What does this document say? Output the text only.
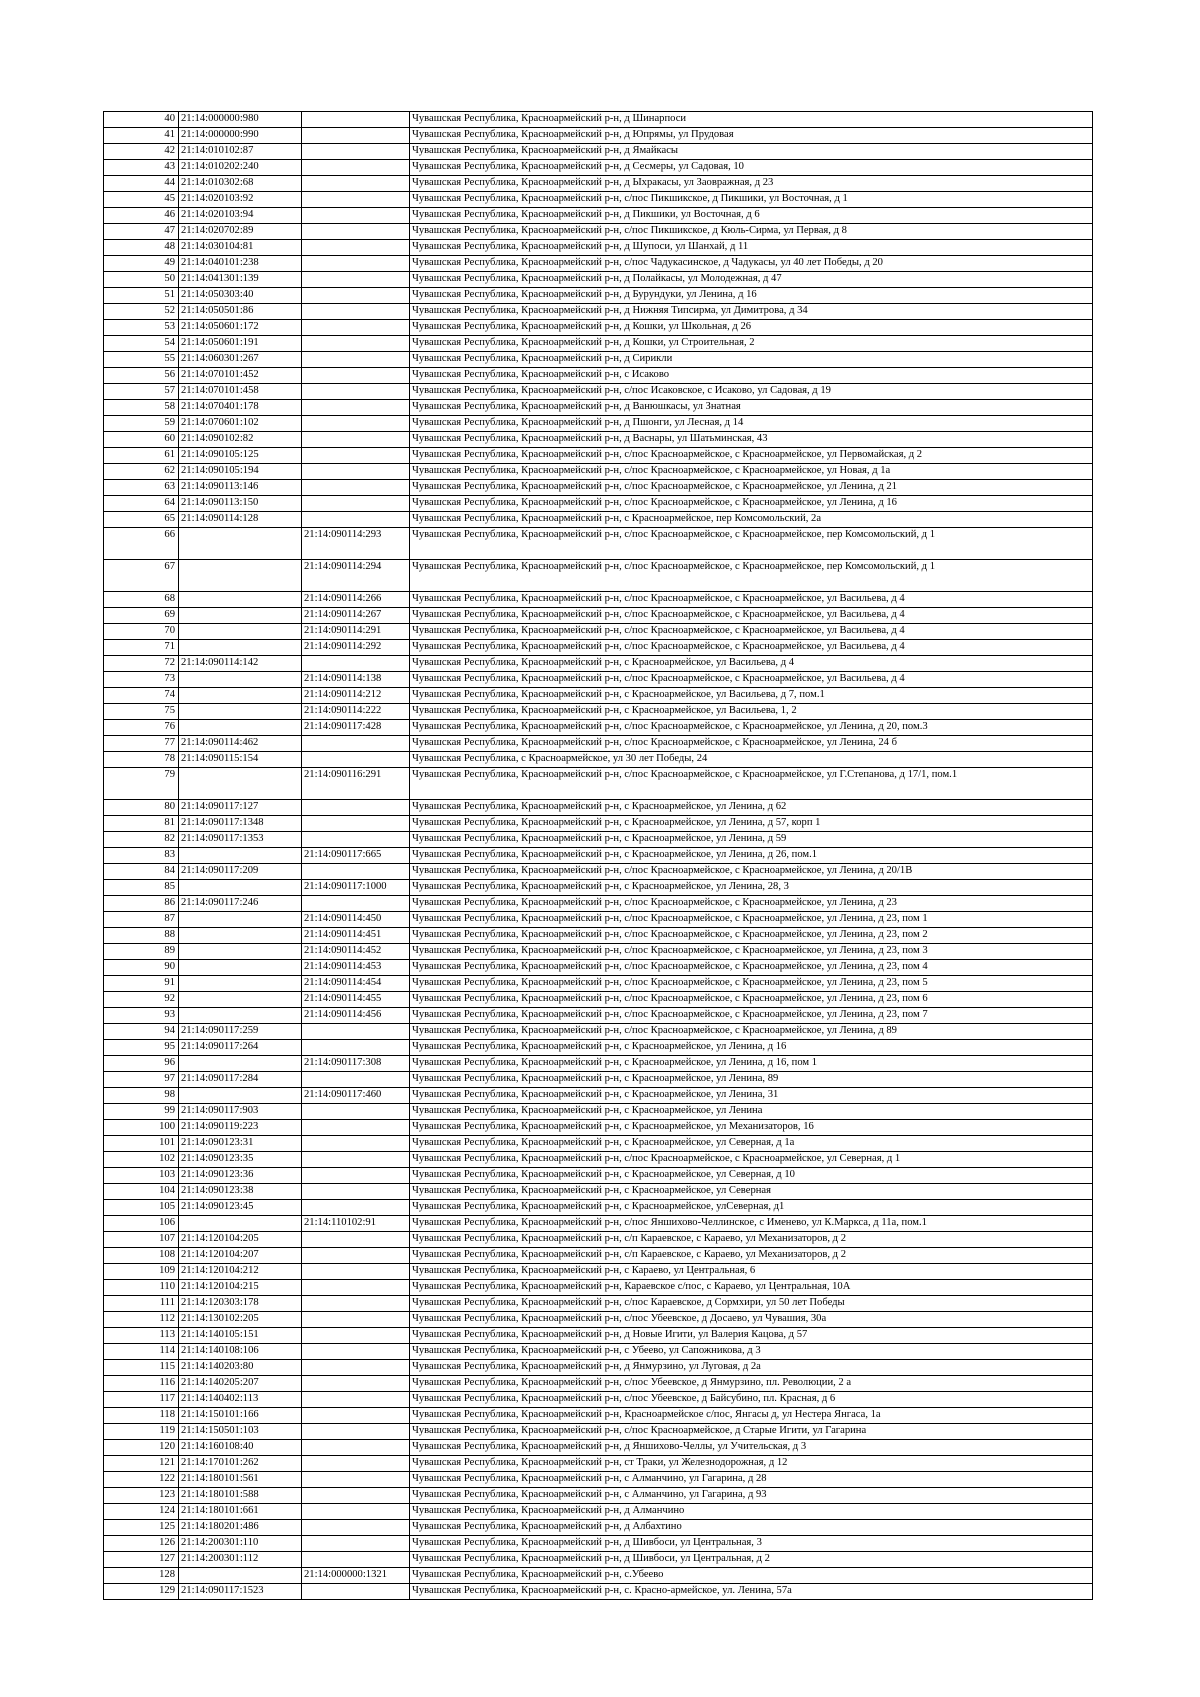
40	21:14:000000:980		Чувашская Республика, Красноармейский р-н, д Шинарпоси
41	21:14:000000:990		Чувашская Республика, Красноармейский р-н, д Юпрямы, ул Прудовая
42	21:14:010102:87		Чувашская Республика, Красноармейский р-н, д Ямайкасы
43	21:14:010202:240		Чувашская Республика, Красноармейский р-н, д Сесмеры, ул Садовая, 10
44	21:14:010302:68		Чувашская Республика, Красноармейский р-н, д Ыхракасы, ул Заовражная, д 23
45	21:14:020103:92		Чувашская Республика, Красноармейский р-н, с/пос Пикшикское, д Пикшики, ул Восточная, д 1
46	21:14:020103:94		Чувашская Республика, Красноармейский р-н, д Пикшики, ул Восточная, д 6
47	21:14:020702:89		Чувашская Республика, Красноармейский р-н, с/пос Пикшикское, д Кюль-Сирма, ул Первая, д 8
48	21:14:030104:81		Чувашская Республика, Красноармейский р-н, д Шупоси, ул Шанхай, д 11
49	21:14:040101:238		Чувашская Республика, Красноармейский р-н, с/пос Чадукасинское, д Чадукасы, ул 40 лет Победы, д 20
50	21:14:041301:139		Чувашская Республика, Красноармейский р-н, д Полайкасы, ул Молодежная, д 47
51	21:14:050303:40		Чувашская Республика, Красноармейский р-н, д Бурундуки, ул Ленина, д 16
52	21:14:050501:86		Чувашская Республика, Красноармейский р-н, д Нижняя Типсирма, ул Димитрова, д 34
53	21:14:050601:172		Чувашская Республика, Красноармейский р-н, д Кошки, ул Школьная, д 26
54	21:14:050601:191		Чувашская Республика, Красноармейский р-н, д Кошки, ул Строительная, 2
55	21:14:060301:267		Чувашская Республика, Красноармейский р-н, д Сирикли
56	21:14:070101:452		Чувашская Республика, Красноармейский р-н, с Исаково
57	21:14:070101:458		Чувашская Республика, Красноармейский р-н, с/пос Исаковское, с Исаково, ул Садовая, д 19
58	21:14:070401:178		Чувашская Республика, Красноармейский р-н, д Ванюшкасы, ул Знатная
59	21:14:070601:102		Чувашская Республика, Красноармейский р-н, д Пшонги, ул Лесная, д 14
60	21:14:090102:82		Чувашская Республика, Красноармейский р-н, д Васнары, ул Шатьминская, 43
61	21:14:090105:125		Чувашская Республика, Красноармейский р-н, с/пос Красноармейское, с Красноармейское, ул Первомайская, д 2
62	21:14:090105:194		Чувашская Республика, Красноармейский р-н, с/пос Красноармейское, с Красноармейское, ул Новая, д 1а
63	21:14:090113:146		Чувашская Республика, Красноармейский р-н, с/пос Красноармейское, с Красноармейское, ул Ленина, д 21
64	21:14:090113:150		Чувашская Республика, Красноармейский р-н, с/пос Красноармейское, с Красноармейское, ул Ленина, д 16
65	21:14:090114:128		Чувашская Республика, Красноармейский р-н, с Красноармейское, пер Комсомольский, 2а
66		21:14:090114:293	Чувашская Республика, Красноармейский р-н, с/пос Красноармейское, с Красноармейское, пер Комсомольский, д 1
67		21:14:090114:294	Чувашская Республика, Красноармейский р-н, с/пос Красноармейское, с Красноармейское, пер Комсомольский, д 1
68		21:14:090114:266	Чувашская Республика, Красноармейский р-н, с/пос Красноармейское, с Красноармейское, ул Васильева, д 4
69		21:14:090114:267	Чувашская Республика, Красноармейский р-н, с/пос Красноармейское, с Красноармейское, ул Васильева, д 4
70		21:14:090114:291	Чувашская Республика, Красноармейский р-н, с/пос Красноармейское, с Красноармейское, ул Васильева, д 4
71		21:14:090114:292	Чувашская Республика, Красноармейский р-н, с/пос Красноармейское, с Красноармейское, ул Васильева, д 4
72	21:14:090114:142		Чувашская Республика, Красноармейский р-н, с Красноармейское, ул Васильева, д 4
73		21:14:090114:138	Чувашская Республика, Красноармейский р-н, с/пос Красноармейское, с Красноармейское, ул Васильева, д 4
74		21:14:090114:212	Чувашская Республика, Красноармейский р-н, с Красноармейское, ул Васильева, д 7, пом.1
75		21:14:090114:222	Чувашская Республика, Красноармейский р-н, с Красноармейское, ул Васильева, 1, 2
76		21:14:090117:428	Чувашская Республика, Красноармейский р-н, с/пос Красноармейское, с Красноармейское, ул Ленина, д 20, пом.3
77	21:14:090114:462		Чувашская Республика, Красноармейский р-н, с/пос Красноармейское, с Красноармейское, ул Ленина, 24 б
78	21:14:090115:154		Чувашская Республика, с Красноармейское, ул 30 лет Победы, 24
79		21:14:090116:291	Чувашская Республика, Красноармейский р-н, с/пос Красноармейское, с Красноармейское, ул Г.Степанова, д 17/1, пом.1
80	21:14:090117:127		Чувашская Республика, Красноармейский р-н, с Красноармейское, ул Ленина, д 62
81	21:14:090117:1348		Чувашская Республика, Красноармейский р-н, с Красноармейское, ул Ленина, д 57, корп 1
82	21:14:090117:1353		Чувашская Республика, Красноармейский р-н, с Красноармейское, ул Ленина, д 59
83		21:14:090117:665	Чувашская Республика, Красноармейский р-н, с Красноармейское, ул Ленина, д 26, пом.1
84	21:14:090117:209		Чувашская Республика, Красноармейский р-н, с/пос Красноармейское, с Красноармейское, ул Ленина, д 20/1В
85		21:14:090117:1000	Чувашская Республика, Красноармейский р-н, с Красноармейское, ул Ленина, 28, 3
86	21:14:090117:246		Чувашская Республика, Красноармейский р-н, с/пос Красноармейское, с Красноармейское, ул Ленина, д 23
87		21:14:090114:450	Чувашская Республика, Красноармейский р-н, с/пос Красноармейское, с Красноармейское, ул Ленина, д 23, пом 1
88		21:14:090114:451	Чувашская Республика, Красноармейский р-н, с/пос Красноармейское, с Красноармейское, ул Ленина, д 23, пом 2
89		21:14:090114:452	Чувашская Республика, Красноармейский р-н, с/пос Красноармейское, с Красноармейское, ул Ленина, д 23, пом 3
90		21:14:090114:453	Чувашская Республика, Красноармейский р-н, с/пос Красноармейское, с Красноармейское, ул Ленина, д 23, пом 4
91		21:14:090114:454	Чувашская Республика, Красноармейский р-н, с/пос Красноармейское, с Красноармейское, ул Ленина, д 23, пом 5
92		21:14:090114:455	Чувашская Республика, Красноармейский р-н, с/пос Красноармейское, с Красноармейское, ул Ленина, д 23, пом 6
93		21:14:090114:456	Чувашская Республика, Красноармейский р-н, с/пос Красноармейское, с Красноармейское, ул Ленина, д 23, пом 7
94	21:14:090117:259		Чувашская Республика, Красноармейский р-н, с/пос Красноармейское, с Красноармейское, ул Ленина, д 89
95	21:14:090117:264		Чувашская Республика, Красноармейский р-н, с Красноармейское, ул Ленина, д 16
96		21:14:090117:308	Чувашская Республика, Красноармейский р-н, с Красноармейское, ул Ленина, д 16, пом 1
97	21:14:090117:284		Чувашская Республика, Красноармейский р-н, с Красноармейское, ул Ленина, 89
98		21:14:090117:460	Чувашская Республика, Красноармейский р-н, с Красноармейское, ул Ленина, 31
99	21:14:090117:903		Чувашская Республика, Красноармейский р-н, с Красноармейское, ул Ленина
100	21:14:090119:223		Чувашская Республика, Красноармейский р-н, с Красноармейское, ул Механизаторов, 16
101	21:14:090123:31		Чувашская Республика, Красноармейский р-н, с Красноармейское, ул Северная, д 1а
102	21:14:090123:35		Чувашская Республика, Красноармейский р-н, с/пос Красноармейское, с Красноармейское, ул Северная, д 1
103	21:14:090123:36		Чувашская Республика, Красноармейский р-н, с Красноармейское, ул Северная, д 10
104	21:14:090123:38		Чувашская Республика, Красноармейский р-н, с Красноармейское, ул Северная
105	21:14:090123:45		Чувашская Республика, Красноармейский р-н, с Красноармейское, улСеверная, д1
106		21:14:110102:91	Чувашская Республика, Красноармейский р-н, с/пос Яншихово-Челлинское, с Именево, ул К.Маркса, д 11а, пом.1
107	21:14:120104:205		Чувашская Республика, Красноармейский р-н, с/п Караевское, с Караево, ул Механизаторов, д 2
108	21:14:120104:207		Чувашская Республика, Красноармейский р-н, с/п Караевское, с Караево, ул Механизаторов, д 2
109	21:14:120104:212		Чувашская Республика, Красноармейский р-н, с Караево, ул Центральная, 6
110	21:14:120104:215		Чувашская Республика, Красноармейский р-н, Караевское с/пос, с Караево, ул Центральная, 10А
111	21:14:120303:178		Чувашская Республика, Красноармейский р-н, с/пос Караевское, д Сормхири, ул 50 лет Победы
112	21:14:130102:205		Чувашская Республика, Красноармейский р-н, с/пос Убеевское, д Досаево, ул Чувашия, 30а
113	21:14:140105:151		Чувашская Республика, Красноармейский р-н, д Новые Игити, ул Валерия Кацова, д 57
114	21:14:140108:106		Чувашская Республика, Красноармейский р-н, с Убеево, ул Сапожникова, д 3
115	21:14:140203:80		Чувашская Республика, Красноармейский р-н, д Янмурзино, ул Луговая, д 2а
116	21:14:140205:207		Чувашская Республика, Красноармейский р-н, с/пос Убеевское, д Янмурзино, пл. Революции, 2 а
117	21:14:140402:113		Чувашская Республика, Красноармейский р-н, с/пос Убеевское, д Байсубино, пл. Красная, д 6
118	21:14:150101:166		Чувашская Республика, Красноармейский р-н, Красноармейское с/пос, Янгасы д, ул Нестера Янгаса, 1а
119	21:14:150501:103		Чувашская Республика, Красноармейский р-н, с/пос Красноармейское, д Старые Игити, ул Гагарина
120	21:14:160108:40		Чувашская Республика, Красноармейский р-н, д Яншихово-Челлы, ул Учительская, д 3
121	21:14:170101:262		Чувашская Республика, Красноармейский р-н, ст Траки, ул Железнодорожная, д 12
122	21:14:180101:561		Чувашская Республика, Красноармейский р-н, с Алманчино, ул Гагарина, д 28
123	21:14:180101:588		Чувашская Республика, Красноармейский р-н, с Алманчино, ул Гагарина, д 93
124	21:14:180101:661		Чувашская Республика, Красноармейский р-н, д Алманчино
125	21:14:180201:486		Чувашская Республика, Красноармейский р-н, д Албахтино
126	21:14:200301:110		Чувашская Республика, Красноармейский р-н, д Шивбоси, ул Центральная, 3
127	21:14:200301:112		Чувашская Республика, Красноармейский р-н, д Шивбоси, ул Центральная, д 2
128		21:14:000000:1321	Чувашская Республика, Красноармейский р-н, с.Убеево
129	21:14:090117:1523		Чувашская Республика, Красноармейский р-н, с. Красно-армейское, ул. Ленина, 57а
